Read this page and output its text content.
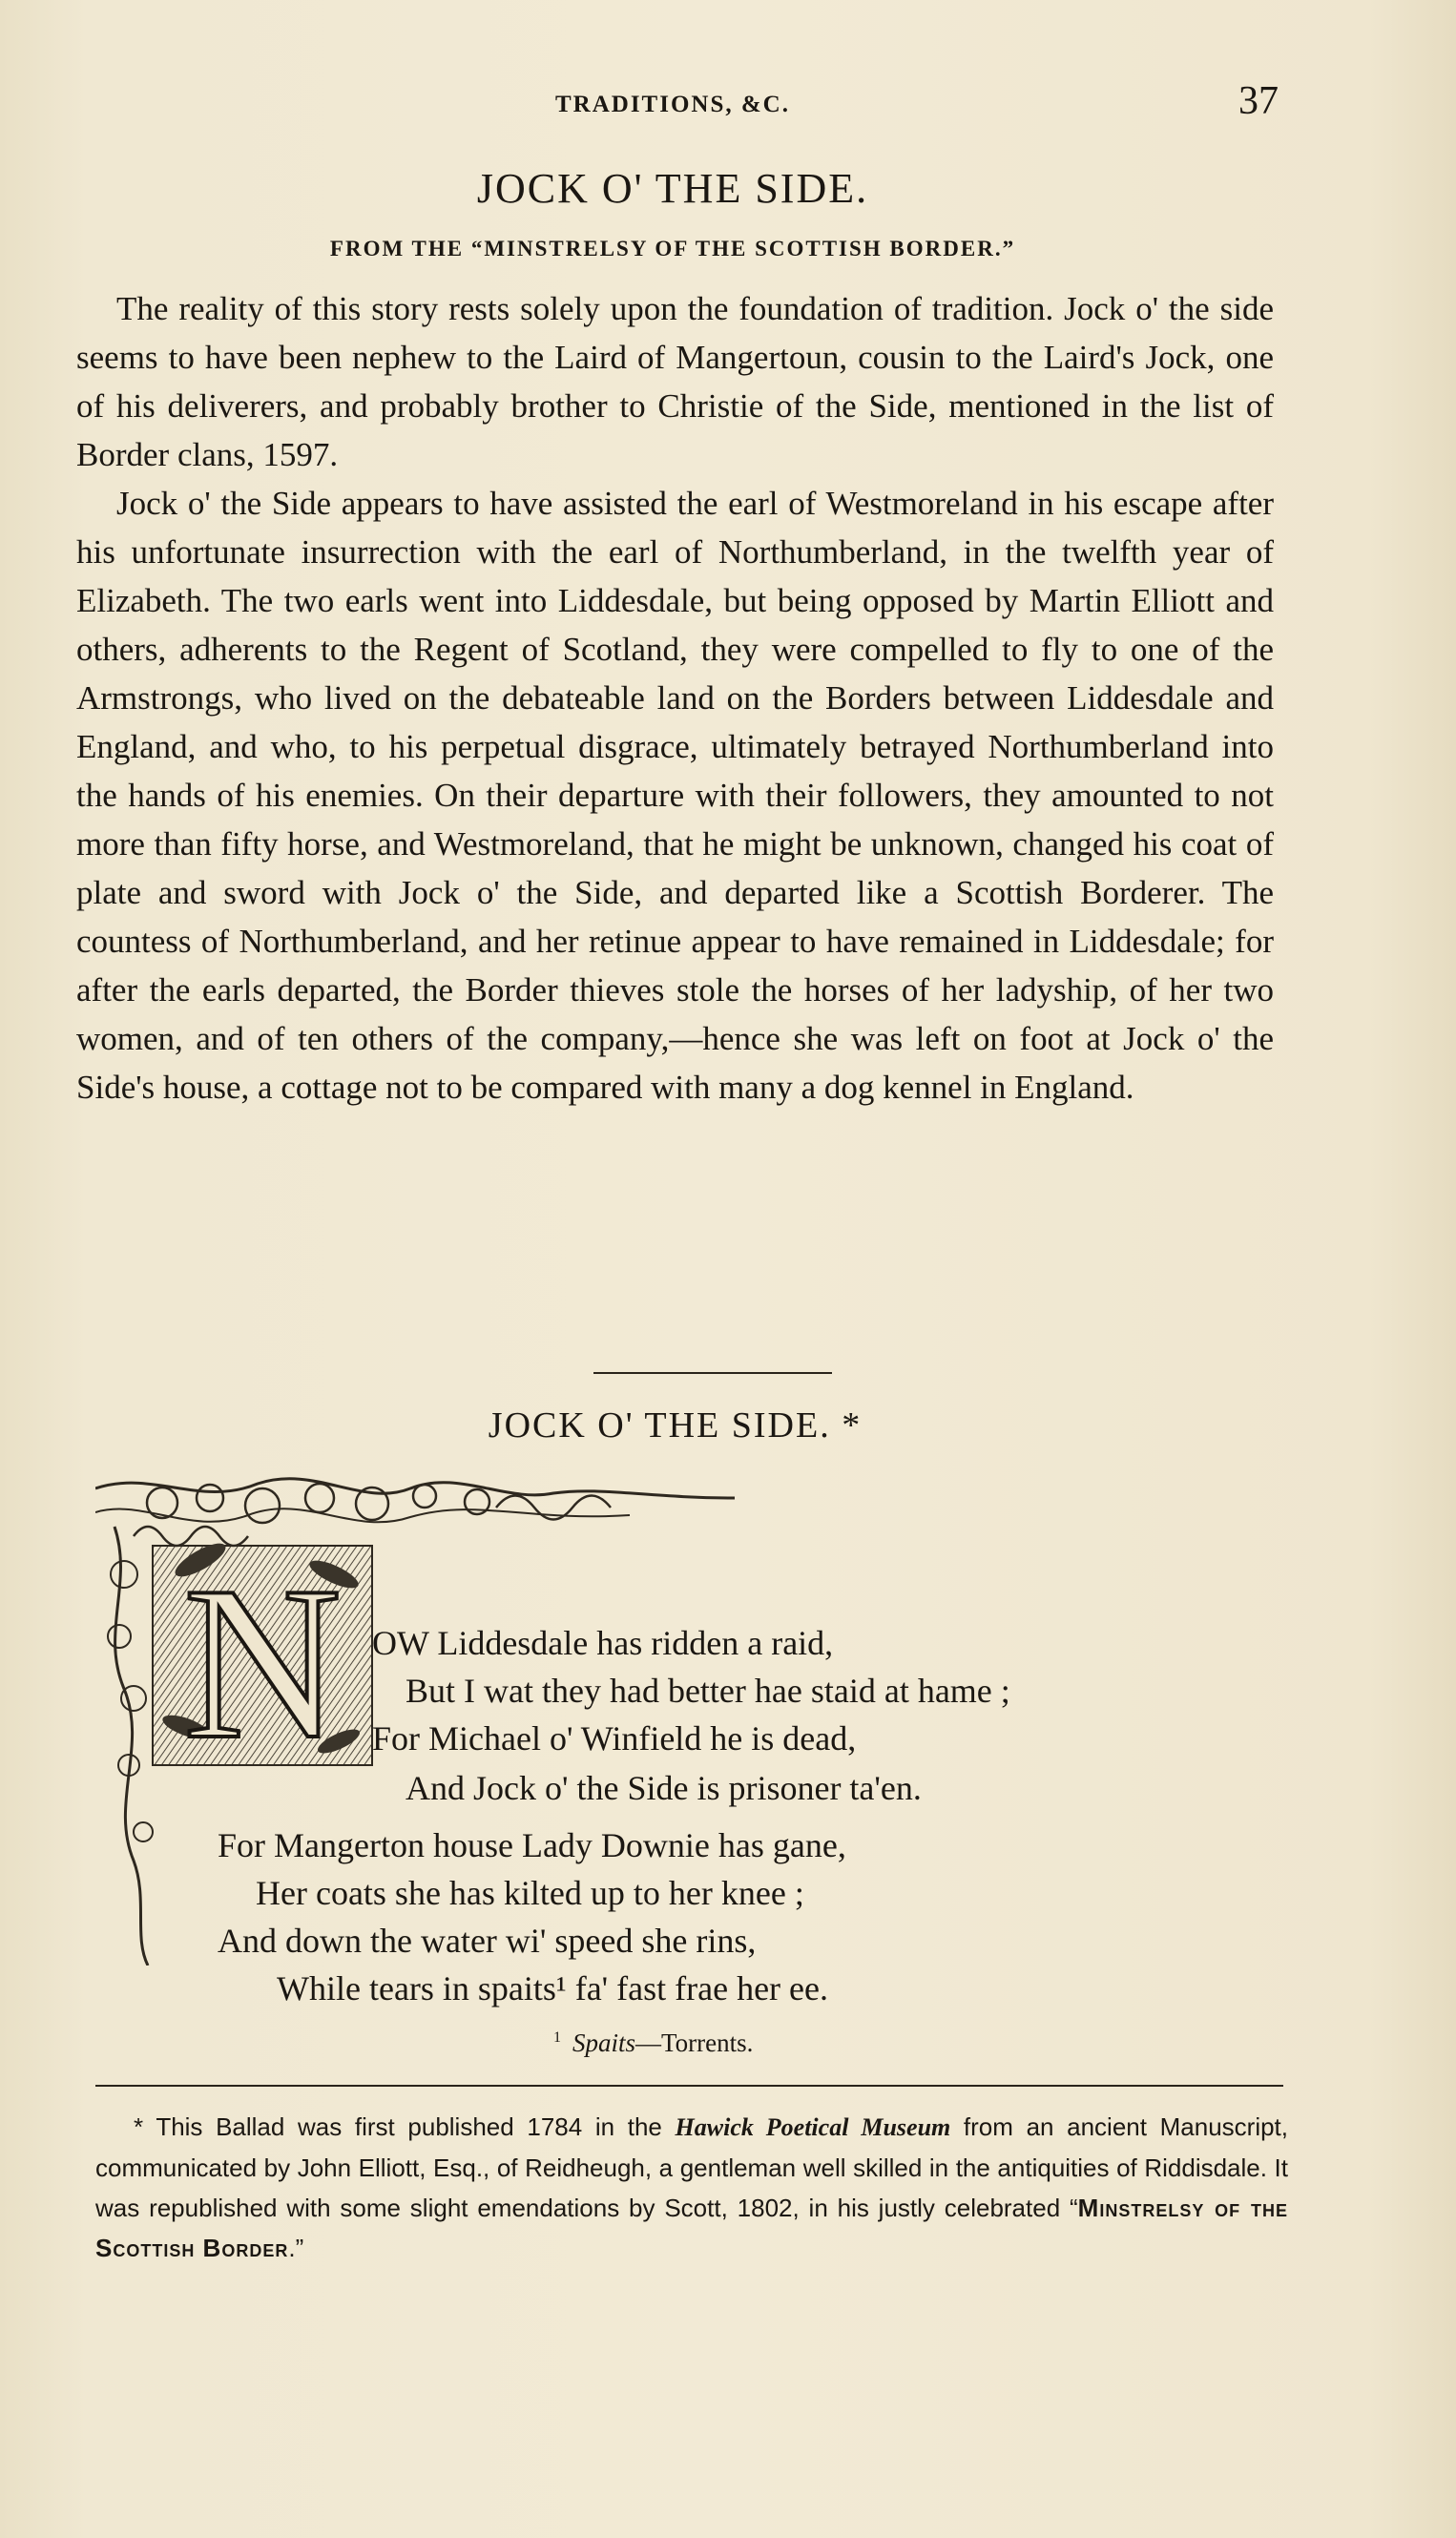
TRADITIONS, &C.	37
JOCK O' THE SIDE.
FROM THE “MINSTRELSY OF THE SCOTTISH BORDER.”

The reality of this story rests solely upon the foundation of tradition. Jock o' the side seems to have been nephew to the Laird of Mangertoun, cousin to the Laird's Jock, one of his deliverers, and probably brother to Christie of the Side, mentioned in the list of Border clans, 1597.

Jock o' the Side appears to have assisted the earl of Westmoreland in his escape after his unfortunate insurrection with the earl of Northumberland, in the twelfth year of Elizabeth. The two earls went into Liddesdale, but being opposed by Martin Elliott and others, adherents to the Regent of Scotland, they were compelled to fly to one of the Armstrongs, who lived on the debateable land on the Borders between Liddesdale and England, and who, to his perpetual disgrace, ultimately betrayed Northumberland into the hands of his enemies. On their departure with their followers, they amounted to not more than fifty horse, and Westmoreland, that he might be unknown, changed his coat of plate and sword with Jock o' the Side, and departed like a Scottish Borderer. The countess of Northumberland, and her retinue appear to have remained in Liddesdale; for after the earls departed, the Border thieves stole the horses of her ladyship, of her two women, and of ten others of the company,—hence she was left on foot at Jock o' the Side's house, a cottage not to be compared with many a dog kennel in England.

JOCK O' THE SIDE. *
N OW Liddesdale has ridden a raid,
But I wat they had better hae staid at hame ;
For Michael o' Winfield he is dead,
And Jock o' the Side is prisoner ta'en.
For Mangerton house Lady Downie has gane,
Her coats she has kilted up to her knee ;
And down the water wi' speed she rins,
While tears in spaits¹ fa' fast frae her ee.
$^1$ Spaits—Torrents.

* This Ballad was first published 1784 in the Hawick Poetical Museum from an ancient Manuscript, communicated by John Elliott, Esq., of Reidheugh, a gentleman well skilled in the antiquities of Riddisdale. It was republished with some slight emendations by Scott, 1802, in his justly celebrated “Minstrelsy of the Scottish Border.”
